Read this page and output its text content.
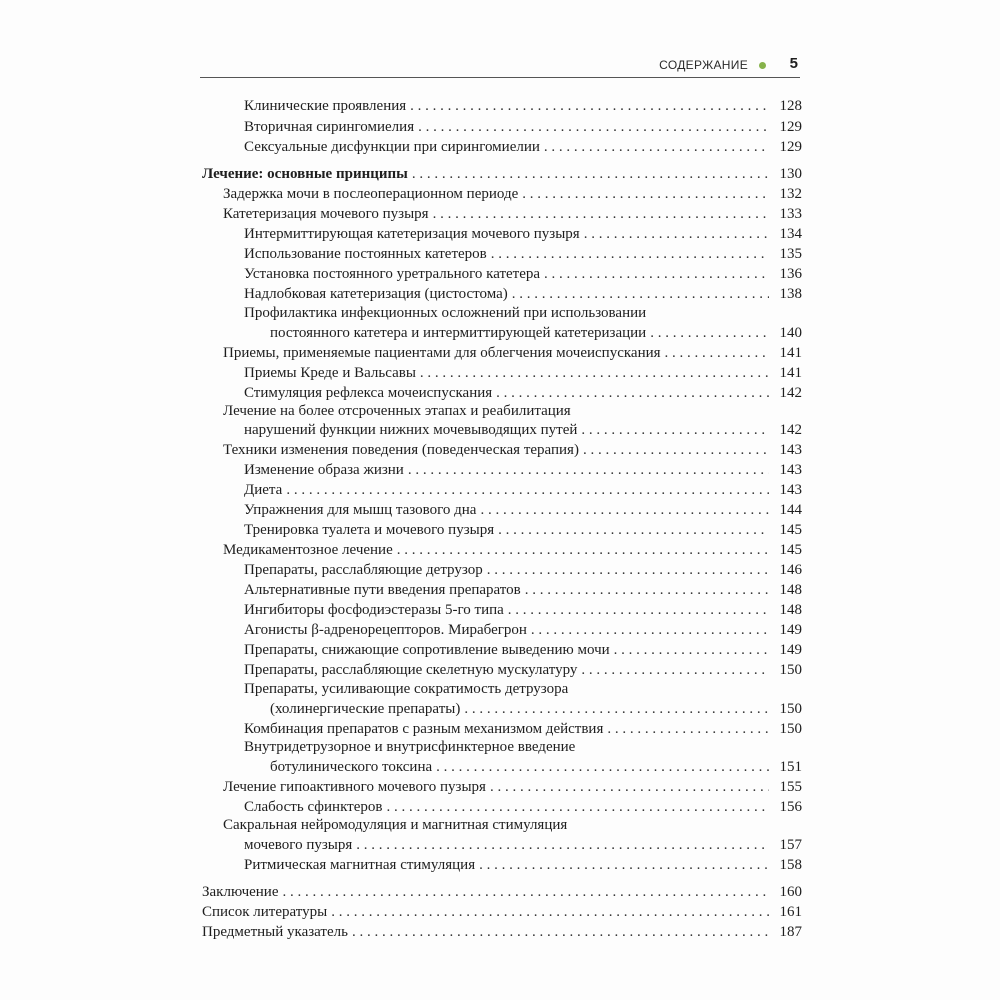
СОДЕРЖАНИЕ	5
Клинические проявления . . .	128
Вторичная сирингомиелия . . .	129
Сексуальные дисфункции при сирингомиелии . . .	129
Лечение: основные принципы . . .	130
Задержка мочи в послеоперационном периоде . . .	132
Катетеризация мочевого пузыря . . .	133
Интермиттирующая катетеризация мочевого пузыря . . .	134
Использование постоянных катетеров . . .	135
Установка постоянного уретрального катетера . . .	136
Надлобковая катетеризация (цистостома) . . .	138
Профилактика инфекционных осложнений при использовании
постоянного катетера и интермиттирующей катетеризации . . .	140
Приемы, применяемые пациентами для облегчения мочеиспускания . . .	141
Приемы Креде и Вальсавы . . .	141
Стимуляция рефлекса мочеиспускания . . .	142
Лечение на более отсроченных этапах и реабилитация
нарушений функции нижних мочевыводящих путей . . .	142
Техники изменения поведения (поведенческая терапия) . . .	143
Изменение образа жизни . . .	143
Диета . . .	143
Упражнения для мышц тазового дна . . .	144
Тренировка туалета и мочевого пузыря . . .	145
Медикаментозное лечение . . .	145
Препараты, расслабляющие детрузор . . .	146
Альтернативные пути введения препаратов . . .	148
Ингибиторы фосфодиэстеразы 5-го типа . . .	148
Агонисты β-адренорецепторов. Мирабегрон . . .	149
Препараты, снижающие сопротивление выведению мочи . . .	149
Препараты, расслабляющие скелетную мускулатуру . . .	150
Препараты, усиливающие сократимость детрузора
(холинергические препараты) . . .	150
Комбинация препаратов с разным механизмом действия . . .	150
Внутридетрузорное и внутрисфинктерное введение
ботулинического токсина . . .	151
Лечение гипоактивного мочевого пузыря . . .	155
Слабость сфинктеров . . .	156
Сакральная нейромодуляция и магнитная стимуляция
мочевого пузыря . . .	157
Ритмическая магнитная стимуляция . . .	158
Заключение . . .	160
Список литературы . . .	161
Предметный указатель . . .	187
